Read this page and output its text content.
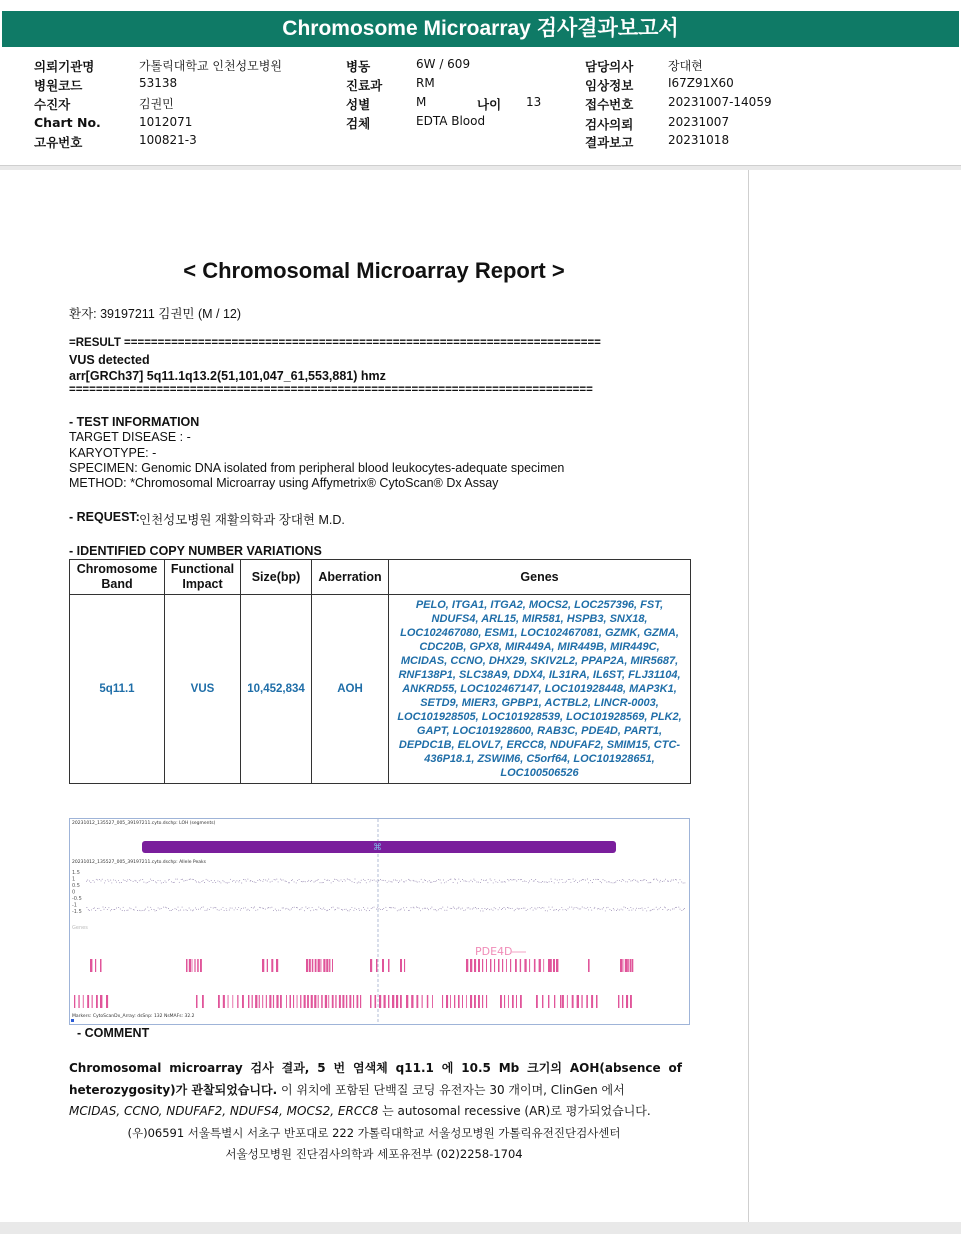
Chromosome Microarray 검사결과보고서
의뢰기관명	가톨릭대학교 인천성모병원
병원코드	53138
수진자	김권민
Chart No.	1012071
고유번호	100821-3
병동	6W / 609
진료과	RM
성별	M	나이 13
검체	EDTA Blood
담당의사	장대현
임상정보	I67Z91X60
접수번호	20231007-14059
검사의뢰	20231007
결과보고	20231018
< Chromosomal Microarray Report >
환자: 39197211 김권민 (M / 12)
=RESULT =======================================================================
VUS detected
arr[GRCh37] 5q11.1q13.2(51,101,047_61,553,881) hmz
==============================================================================
- TEST INFORMATION
TARGET DISEASE : -
KARYOTYPE: -
SPECIMEN: Genomic DNA isolated from peripheral blood leukocytes-adequate specimen
METHOD: *Chromosomal Microarray using Affymetrix® CytoScan® Dx Assay
- REQUEST: 인천성모병원 재활의학과 장대현 M.D.
- IDENTIFIED COPY NUMBER VARIATIONS
Chromosome Band	Functional Impact	Size(bp)	Aberration	Genes
5q11.1	VUS	10,452,834	AOH	PELO, ITGA1, ITGA2, MOCS2, LOC257396, FST, NDUFS4, ARL15, MIR581, HSPB3, SNX18, LOC102467080, ESM1, LOC102467081, GZMK, GZMA, CDC20B, GPX8, MIR449A, MIR449B, MIR449C, MCIDAS, CCNO, DHX29, SKIV2L2, PPAP2A, MIR5687, RNF138P1, SLC38A9, DDX4, IL31RA, IL6ST, FLJ31104, ANKRD55, LOC102467147, LOC101928448, MAP3K1, SETD9, MIER3, GPBP1, ACTBL2, LINCR-0003, LOC101928505, LOC101928539, LOC101928569, PLK2, GAPT, LOC101928600, RAB3C, PDE4D, PART1, DEPDC1B, ELOVL7, ERCC8, NDUFAF2, SMIM15, CTC-436P18.1, ZSWIM6, C5orf64, LOC101928651, LOC100506526
20231012_135527_005_39197211.cyto.dschp: LOH (segments)
⌘
20231012_135527_005_39197211.cyto.dschp: Allele Peaks
1.5
1
0.5
0
-0.5
-1
-1.5
Genes
PDE4D
Markers: CytoScanDx_Array: dsSnp: 132 NsMAFs: 32.2
- COMMENT

Chromosomal microarray 검사 결과, 5 번 염색체 q11.1 에 10.5 Mb 크기의 AOH(absence of heterozygosity)가 관찰되었습니다. 이 위치에 포함된 단백질 코딩 유전자는 30 개이며, ClinGen 에서

MCIDAS, CCNO, NDUFAF2, NDUFS4, MOCS2, ERCC8 는 autosomal recessive (AR)로 평가되었습니다.

(우)06591 서울특별시 서초구 반포대로 222 가톨릭대학교 서울성모병원 가톨릭유전진단검사센터
서울성모병원 진단검사의학과 세포유전부 (02)2258-1704
